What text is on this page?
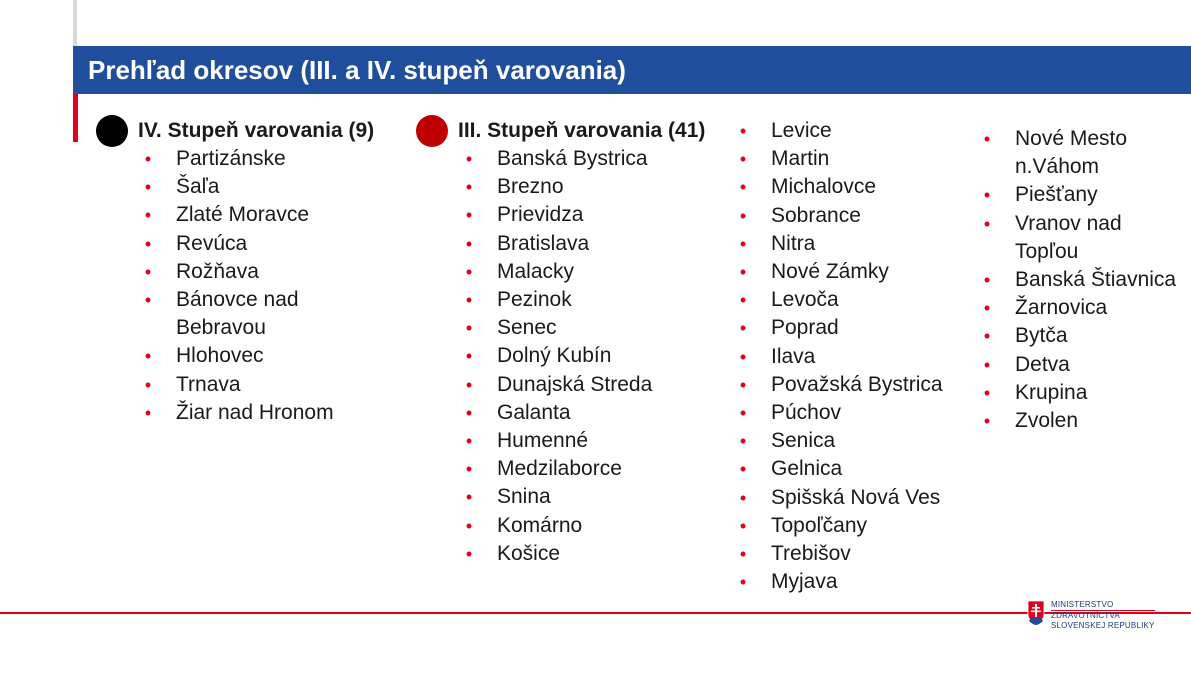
Prehľad okresov (III. a IV. stupeň varovania)
IV. Stupeň varovania (9)	III. Stupeň varovania (41)
•	Partizánske
•	Šaľa
•	Zlaté Moravce
•	Revúca
•	Rožňava
•	Bánovce nad
Bebravou
•	Hlohovec
•	Trnava
•	Žiar nad Hronom
•	Banská Bystrica
•	Brezno
•	Prievidza
•	Bratislava
•	Malacky
•	Pezinok
•	Senec
•	Dolný Kubín
•	Dunajská Streda
•	Galanta
•	Humenné
•	Medzilaborce
•	Snina
•	Komárno
•	Košice
•	Levice
•	Martin
•	Michalovce
•	Sobrance
•	Nitra
•	Nové Zámky
•	Levoča
•	Poprad
•	Ilava
•	Považská Bystrica
•	Púchov
•	Senica
•	Gelnica
•	Spišská Nová Ves
•	Topoľčany
•	Trebišov
•	Myjava
•	Nové Mesto
n.Váhom
•	Piešťany
•	Vranov nad
Topľou
•	Banská Štiavnica
•	Žarnovica
•	Bytča
•	Detva
•	Krupina
•	Zvolen
MINISTERSTVO
ZDRAVOTNÍCTVA
SLOVENSKEJ REPUBLIKY
